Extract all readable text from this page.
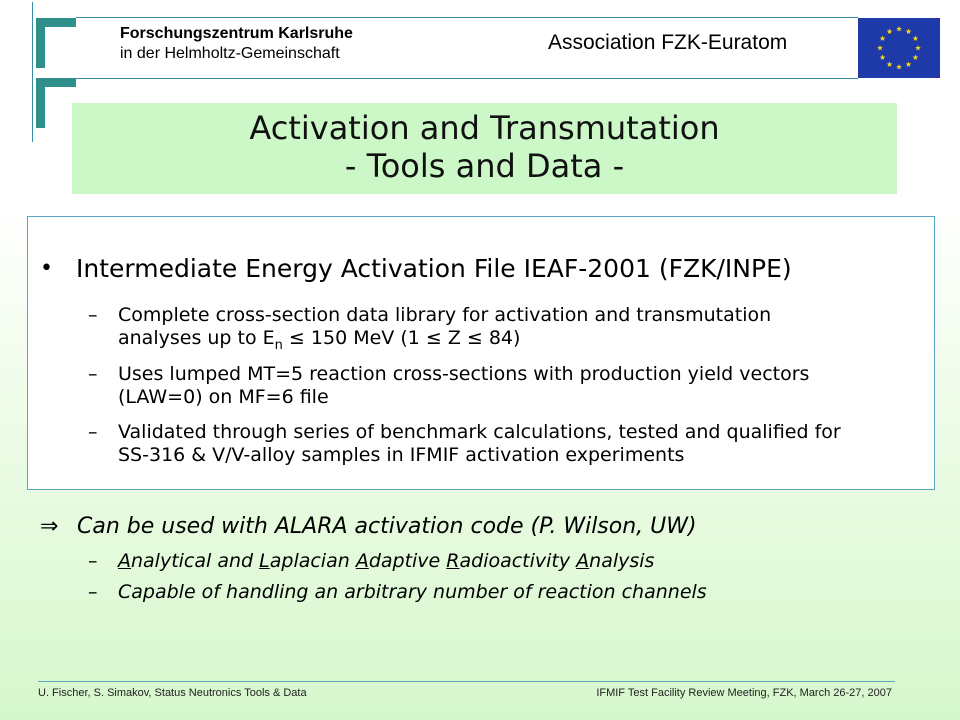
Forschungszentrum Karlsruhe
in der Helmholtz-Gemeinschaft	Association FZK-Euratom
Activation and Transmutation
- Tools and Data -
• Intermediate Energy Activation File IEAF-2001 (FZK/INPE)
– Complete cross-section data library for activation and transmutation
analyses up to $E_n \le 150$ MeV (1 ≤ Z ≤ 84)
– Uses lumped MT=5 reaction cross-sections with production yield vectors
(LAW=0) on MF=6 file
– Validated through series of benchmark calculations, tested and qualified for
SS-316 & V/V-alloy samples in IFMIF activation experiments
⇒ Can be used with ALARA activation code (P. Wilson, UW)
– Analytical and Laplacian Adaptive Radioactivity Analysis
– Capable of handling an arbitrary number of reaction channels
U. Fischer, S. Simakov, Status Neutronics Tools & Data	IFMIF Test Facility Review Meeting, FZK, March 26-27, 2007
